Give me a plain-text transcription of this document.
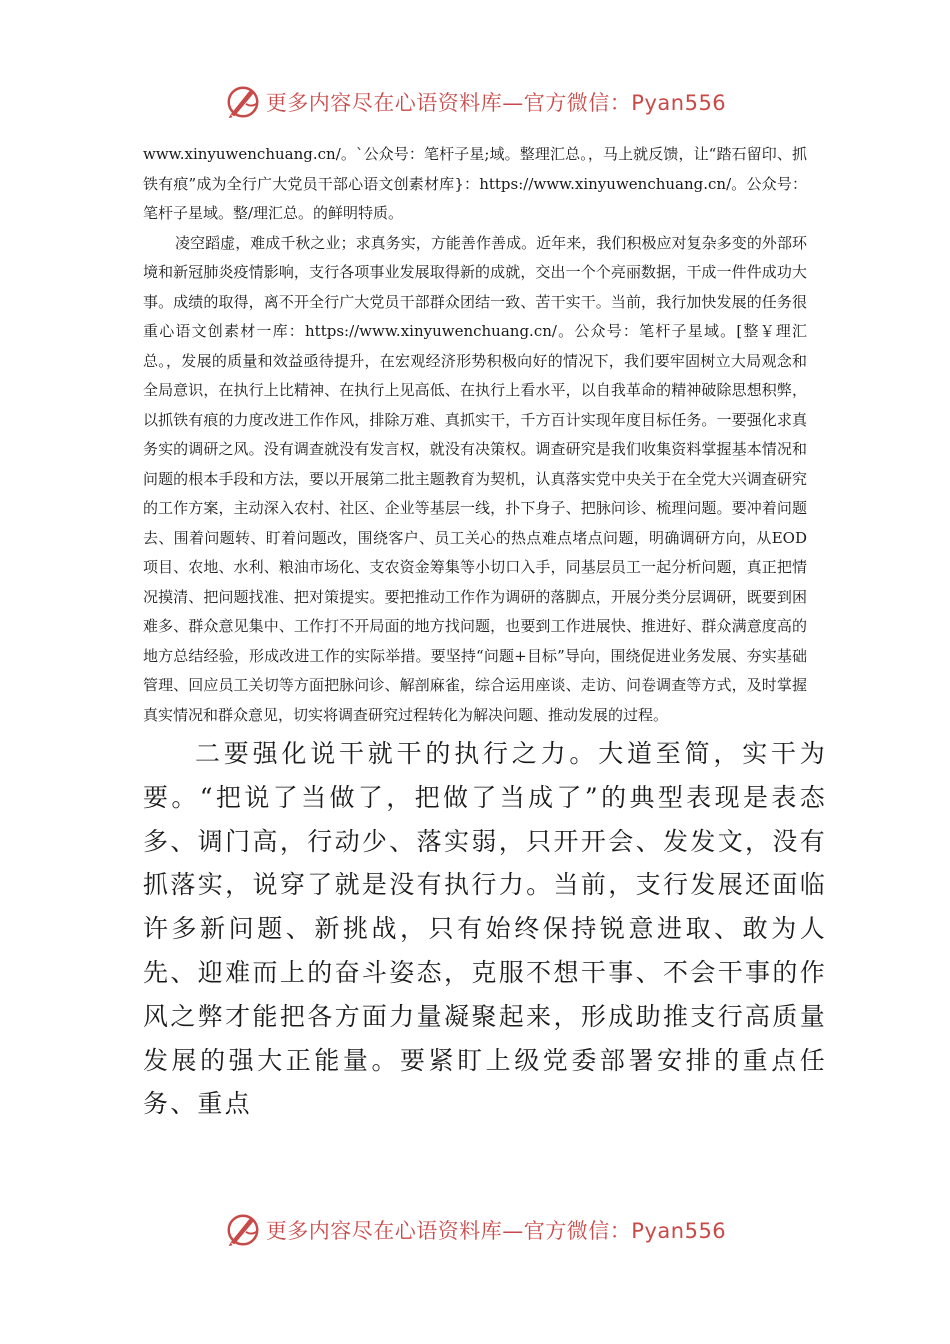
更多内容尽在心语资料库—官方微信：Pyan556

www.xinyuwenchuang.cn/。`公众号：笔杆子星;域。整理汇总。，马上就反馈，让“踏石留印、抓铁有痕”成为全行广大党员干部心语文创素材库}：https://www.xinyuwenchuang.cn/。公众号：笔杆子星域。整/理汇总。的鲜明特质。

凌空蹈虚，难成千秋之业；求真务实，方能善作善成。近年来，我们积极应对复杂多变的外部环境和新冠肺炎疫情影响，支行各项事业发展取得新的成就，交出一个个亮丽数据，干成一件件成功大事。成绩的取得，离不开全行广大党员干部群众团结一致、苦干实干。当前，我行加快发展的任务很重心语文创素材一库：https://www.xinyuwenchuang.cn/。公众号：笔杆子星域。[整￥理汇总。，发展的质量和效益亟待提升，在宏观经济形势积极向好的情况下，我们要牢固树立大局观念和全局意识，在执行上比精神、在执行上见高低、在执行上看水平，以自我革命的精神破除思想积弊，以抓铁有痕的力度改进工作作风，排除万难、真抓实干，千方百计实现年度目标任务。一要强化求真务实的调研之风。没有调查就没有发言权，就没有决策权。调查研究是我们收集资料掌握基本情况和问题的根本手段和方法，要以开展第二批主题教育为契机，认真落实党中央关于在全党大兴调查研究的工作方案，主动深入农村、社区、企业等基层一线，扑下身子、把脉问诊、梳理问题。要冲着问题去、围着问题转、盯着问题改，围绕客户、员工关心的热点难点堵点问题，明确调研方向，从EOD项目、农地、水利、粮油市场化、支农资金筹集等小切口入手，同基层员工一起分析问题，真正把情况摸清、把问题找准、把对策提实。要把推动工作作为调研的落脚点，开展分类分层调研，既要到困难多、群众意见集中、工作打不开局面的地方找问题，也要到工作进展快、推进好、群众满意度高的地方总结经验，形成改进工作的实际举措。要坚持“问题+目标”导向，围绕促进业务发展、夯实基础管理、回应员工关切等方面把脉问诊、解剖麻雀，综合运用座谈、走访、问卷调查等方式，及时掌握真实情况和群众意见，切实将调查研究过程转化为解决问题、推动发展的过程。

二要强化说干就干的执行之力。大道至简，实干为要。“把说了当做了，把做了当成了”的典型表现是表态多、调门高，行动少、落实弱，只开开会、发发文，没有抓落实，说穿了就是没有执行力。当前，支行发展还面临许多新问题、新挑战，只有始终保持锐意进取、敢为人先、迎难而上的奋斗姿态，克服不想干事、不会干事的作风之弊才能把各方面力量凝聚起来，形成助推支行高质量发展的强大正能量。要紧盯上级党委部署安排的重点任务、重点

更多内容尽在心语资料库—官方微信：Pyan556
